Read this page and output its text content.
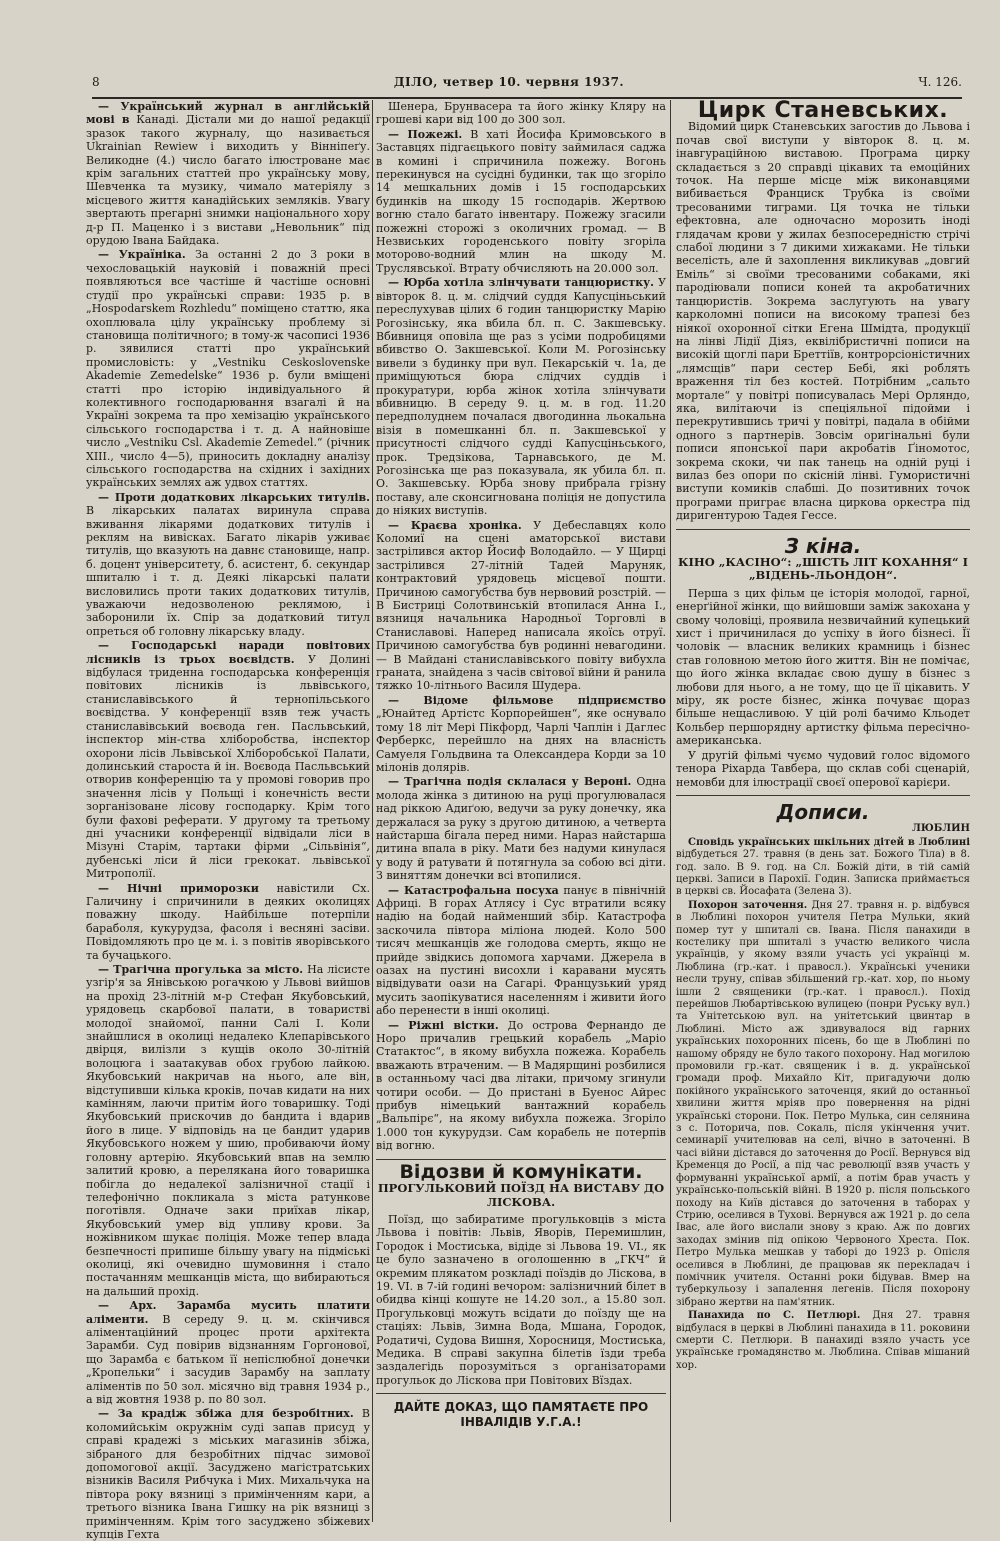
8	ДІЛО, четвер 10. червня 1937.	Ч. 126.

— Український журнал в англійській мові в Канаді. Дістали ми до нашої редакції зразок такого журналу, що називається Ukrainian Rewiew і виходить у Вінніпеґу. Великодне (4.) число багато ілюстроване має крім загальних статтей про українську мову, Шевченка та музику, чимало матеріялу з місцевого життя канадійських земляків. Увагу звертають прегарні знимки національного хору д-р П. Маценко і з вистави „Невольник“ під орудою Івана Байдака.

— Україніка. За останні 2 до 3 роки в чехословацькій науковій і поважній пресі появляються все частіше й частіше основні студії про українські справи: 1935 р. в „Hospodarskem Rozhledu“ поміщено статтю, яка охоплювала цілу українську проблему зі становища політичного; в тому-ж часописі 1936 р. зявилися статті про український промисловість: у „Vestniku Ceskoslovenske Akademie Zemedelske“ 1936 р. були вміщені статті про історію індивідуального й колективного господарювання взагалі й на Україні зокрема та про хемізацію українського сільського господарства і т. д. А найновіше число „Vestniku Csl. Akademie Zemedel.“ (річник XIII., число 4—5), приносить докладну аналізу сільського господарства на східних і західних українських землях аж удвох статтях.

— Проти додаткових лікарських титулів. В лікарських палатах виринула справа вживання лікарями додаткових титулів і реклям на вивісках. Багато лікарів уживає титулів, що вказують на давнє становище, напр. б. доцент університету, б. асистент, б. секундар шпиталю і т. д. Деякі лікарські палати висловились проти таких додаткових титулів, уважаючи недозволеною реклямою, і заборонили їх. Спір за додатковий титул опреться об головну лікарську владу.

— Господарські наради повітових лісників із трьох воєвідств. У Долині відбулася триденна господарська конференція повітових лісників із львівського, станиславівського й тернопільського воєвідства. У конференції взяв теж участь станиславівський воєвода ген. Пасльвський, інспектор мін-ства хліборобства, інспектор охорони лісів Львівської Хліборобської Палати, долинський староста й ін. Воєвода Пасльвський отворив конференцію та у промові говорив про значення лісів у Польщі і конечність вести зорганізоване лісову господарку. Крім того були фахові реферати. У другому та третьому дні учасники конференції відвідали ліси в Мізуні Старім, тартаки фірми „Сільвінія“, дубенські ліси й ліси грекокат. львівської Митрополії.

— Нічні приморозки навістили Сх. Галичину і спричинили в деяких околицях поважну шкоду. Найбільше потерпіли бараболя, кукурудза, фасоля і весняні засіви. Повідомляють про це м. і. з повітів яворівського та бучацького.

— Трагічна прогулька за місто. На лісисте узгір'я за Янівською рогачкою у Львові вийшов на прохід 23-літній м-р Стефан Якубовський, урядовець скарбової палати, в товаристві молодої знайомої, панни Салі І. Коли знайшлися в околиці недалеко Клепарівського двірця, вилізли з кущів около 30-літній волоцюга і заатакував обох грубою лайкою. Якубовський накричав на нього, але він, відступивши кілька кроків, почав кидати на них камінням, лаючи притім його товаришку. Тоді Якубовський прискочив до бандита і вдарив його в лице. У відповідь на це бандит ударив Якубовського ножем у шию, пробиваючи йому головну артерію. Якубовський впав на землю залитий кровю, а перелякана його товаришка побігла до недалекої залізничної стації і телефонічно покликала з міста ратункове поготівля. Одначе заки приїхав лікар, Якубовський умер від упливу крови. За ножівником шукає поліція. Може тепер влада безпечності припише більшу увагу на підміські околиці, які очевидно шумовиння і стало постачанням мешканців міста, що вибираються на дальший прохід.

— Арх. Зарамба мусить платити аліменти. В середу 9. ц. м. скінчився аліментаційний процес проти архітекта Зарамби. Суд повірив відзнанням Горгонової, що Зарамба є батьком її непіслюбної донечки „Кропельки“ і засудив Зарамбу на заплату аліментів по 50 зол. місячно від травня 1934 р., а від жовтня 1938 р. по 80 зол.

— За крадіж збіжа для безробітних. В коломийськім окружнім суді запав присуд у справі крадежі з міських магазинів збіжа, зібраного для безробітних підчас зимової допомогової акції. Засуджено магістратських візників Василя Рибчука і Мих. Михальчука на півтора року вязниці з примінченням кари, а третього візника Івана Гишку на рік вязниці з примінченням. Крім того засуджено збіжевих купців Гехта

Шенера, Брунвасера та його жінку Кляру на грошеві кари від 100 до 300 зол.

— Пожежі. В хаті Йосифа Кримовського в Заставцях підгаєцького повіту займилася саджа в комині і спричинила пожежу. Вогонь перекинувся на сусідні будинки, так що згоріло 14 мешкальних домів і 15 господарських будинків на шкоду 15 господарів. Жертвою вогню стало багато інвентару. Пожежу згасили пожежні сторожі з околичних громад. — В Незвиських городенського повіту згоріла моторово-водний млин на шкоду М. Труслявської. Втрату обчисляють на 20.000 зол.

— Юрба хотіла злінчувати танцюристку. У вівторок 8. ц. м. слідчий суддя Капусціньський переслухував цілих 6 годин танцюристку Марію Рогозінську, яка вбила бл. п. С. Закшевську. Вбивниця оповіла ще раз з усіми подробицями вбивство О. Закшевської. Коли М. Рогозінську вивели з будинку при вул. Пекарській ч. 1а, де приміщуються бюра слідчих суддів і прокуратури, юрба жінок хотіла злінчувати вбивницю. В середу 9. ц. м. в год. 11.20 передполуднем почалася двогодинна льокальна візія в помешканні бл. п. Закшевської у присутності слідчого судді Капусціньського, прок. Тредзікова, Тарнавського, де М. Рогозінська ще раз показувала, як убила бл. п. О. Закшевську. Юрба знову прибрала грізну поставу, але сконсигнована поліція не допустила до ніяких виступів.

— Краєва хроніка. У Дебеславцях коло Коломиї на сцені аматорської вистави застрілився актор Йосиф Володайло. — У Щирці застрілився 27-літній Тадей Маруняк, контрактовий урядовець місцевої пошти. Причиною самогубства був нервовий розстрій. — В Бистриці Солотвинській втопилася Анна І., вязниця начальника Народньої Торговлі в Станиславові. Наперед написала якоїсь отруї. Причиною самогубства був родинні невагодини. — В Майдані станиславівського повіту вибухла граната, знайдена з часів світової війни й ранила тяжко 10-літнього Василя Шудера.

— Відоме фільмове підприємство „Юнайтед Артістс Корпорейшен“, яке оснувало тому 18 літ Мері Пікфорд, Чарлі Чаплін і Даглес Ферберкс, перейшло на днях на власність Самуеля Гольдвина та Олександера Корди за 10 мілонів долярів.

— Трагічна подія склалася у Вероні. Одна молода жінка з дитиною на руці прогулювалася над ріккою Адиґою, ведучи за руку донечку, яка держалася за руку з другою дитиною, а четверта найстарша бігала перед ними. Нараз найстарша дитина впала в ріку. Мати без надуми кинулася у воду й ратувати й потягнула за собою всі діти. З виняттям донечки всі втопилися.

— Катастрофальна посуха панує в північній Африці. В горах Атлясу і Сус втратили всяку надію на бодай найменший збір. Катастрофа заскочила півтора міліона людей. Коло 500 тисяч мешканців же голодова смерть, якщо не прийде звідкись допомога харчами. Джерела в оазах на пустині висохли і каравани мусять відвідувати оази на Сагарі. Французький уряд мусить заопікуватися населенням і живити його або перенести в інші околиці.

— Ріжні вістки. До острова Фернандо де Норо причалив грецький корабель „Маріо Статактос“, в якому вибухла пожежа. Корабель вважають втраченим. — В Мадярщині розбилися в останньому часі два літаки, причому згинули чотири особи. — До пристані в Буенос Айрес прибув німецький вантажний корабель „Вальпірє“, на якому вибухла пожежа. Згоріло 1.000 тон кукурудзи. Сам корабель не потерпів від вогню.

Відозви й комунікати.

ПРОГУЛЬКОВИЙ ПОЇЗД НА ВИСТАВУ ДО ЛІСКОВА.

Поїзд, що забиратиме прогульковців з міста Львова і повітів: Львів, Яворів, Перемишлин, Городок і Мостиська, відіде зі Львова 19. VI., як це було зазначено в оголошенню в „ГКЧ“ й окремим плякатом розкладі поїздів до Ліскова, в 19. VI. в 7-ій годині вечором: залізничний білет в обидва кінці кошуте не 14.20 зол., а 15.80 зол. Прогульковці можуть всідати до поїзду ще на стаціях: Львів, Зимна Вода, Мшана, Городок, Родатичі, Судова Вишня, Хоросниця, Мостиська, Медика. В справі закупна білетів їзди треба заздалегідь порозуміться з організаторами прогульок до Ліскова при Повітових Вїздах.

ДАЙТЕ ДОКАЗ, ЩО ПАМЯТАЄТЕ ПРО ІНВАЛІДІВ У.Г.А.!

Цирк Станевських.

Відомий цирк Станевських загостив до Львова і почав свої виступи у вівторок 8. ц. м. інавгураційною виставою. Програма цирку складається з 20 справді цікавих та емоційних точок. На перше місце між виконавцями вибивається Франциск Трубка із своїми тресованими тиграми. Ця точка не тільки ефектовна, але одночасно морозить іноді глядачам крови у жилах безпосередністю стрічі слабої людини з 7 дикими хижаками. Не тільки веселість, але й захоплення викликував „довгий Еміль“ зі своїми тресованими собаками, які пародіювали пописи коней та акробатичних танцюристів. Зокрема заслугують на увагу карколомні пописи на високому трапезі без ніякої охоронної сітки Егена Шмідта, продукції на лінві Лідії Діяз, еквілібристичні пописи на високій щоглі пари Бреттіїв, контрорсіоністичних „лямсщів“ пари сестер Бебі, які роблять враження тіл без костей. Потрібним „сальто мортале“ у повітрі пописувалась Мері Орляндо, яка, вилітаючи із спеціяльної підойми і перекрутившись тричі у повітрі, падала в обійми одного з партнерів. Зовсім оригінальні були пописи японської пари акробатів Ґіномотос, зокрема скоки, чи пак танець на одній руці і вилаз без опори по скісній лінві. Гумористичні виступи комиків слабші. До позитивних точок програми приграє власна циркова оркестра під диригентурою Тадея Гессе.

З кіна.

КІНО „КАСІНО“: „ШІСТЬ ЛІТ КОХАННЯ“ І „ВІДЕНЬ-ЛЬОНДОН“.

Перша з цих фільм це історія молодої, гарної, енерґійної жінки, що вийшовши заміж закохана у свому чоловіці, проявила незвичайний купецький хист і причинилася до успіху в його бізнесі. Її чоловік — власник великих крамниць і бізнес став головною метою його життя. Він не помічає, що його жінка вкладає свою душу в бізнес з любови для нього, а не тому, що це її цікавить. У міру, як росте бізнес, жінка почуває щораз більше нещасливою. У цій ролі бачимо Кльодет Кольбер першорядну артистку фільма пересічно-американська.

У другій фільмі чуємо чудовий голос відомого тенора Ріхарда Тавбера, що склав собі сценарій, немовби для ілюстрації своєї оперової карієри.

Дописи.

ЛЮБЛИН

Сповідь українських шкільних дітей в Люблині відбудеться 27. травня (в день зат. Божого Тіла) в 8. год. зало. В 9. год. на Сл. Божій діти, в тій самій церкві. Записи в Парохії. Годин. Записка приймається в церкві св. Йосафата (Зелена 3).

Похорон заточення. Дня 27. травня н. р. відбувся в Люблині похорон учителя Петра Мульки, який помер тут у шпиталі св. Івана. Після панахиди в костелику при шпиталі з участю великого числа українців, у якому взяли участь усі українці м. Люблина (гр.-кат. і правосл.). Українські ученики несли труну, співав збільшений гр.-кат. хор, по ньому ішли 2 священики (гр.-кат. і правосл.). Похід перейшов Любартівською вулицею (понри Руську вул.) та Унітетською вул. на унітетський цвинтар в Люблині. Місто аж здивувалося від гарних українських похоронних пісень, бо ще в Люблині по нашому обряду не було такого похорону. Над могилою промовили гр.-кат. священик і в. д. української громади проф. Михайло Кіт, пригадуючи долю покійного українського заточенця, який до останньої хвилини життя мріяв про повернення на рідні українські сторони. Пок. Петро Мулька, син селянина з с. Поторича, пов. Сокаль, після укінчення учит. семинарії учителював на селі, вічно в заточенні. В часі війни дістався до заточення до Росії. Вернувся від Кременця до Росії, а під час революції взяв участь у формуванні української армії, а потім брав участь у українсько-польській війні. В 1920 р. після польського походу на Київ дістався до заточення в таборах у Стрию, оселився в Тухові. Вернувся аж 1921 р. до села Івас, але його вислали знову з краю. Аж по довгих заходах змінив під опікою Червоного Хреста. Пок. Петро Мулька мешкав у таборі до 1923 р. Опісля оселився в Люблині, де працював як перекладач і помічник учителя. Останні роки бідував. Вмер на туберкульозу і запалення легенів. Після похорону зібрано жертви на пам'ятник.

Панахида по С. Петлюрі. Дня 27. травня відбулася в церкві в Люблині панахида в 11. роковини смерти С. Петлюри. В панахиді взяло участь усе українське громадянство м. Люблина. Співав мішаний хор.
